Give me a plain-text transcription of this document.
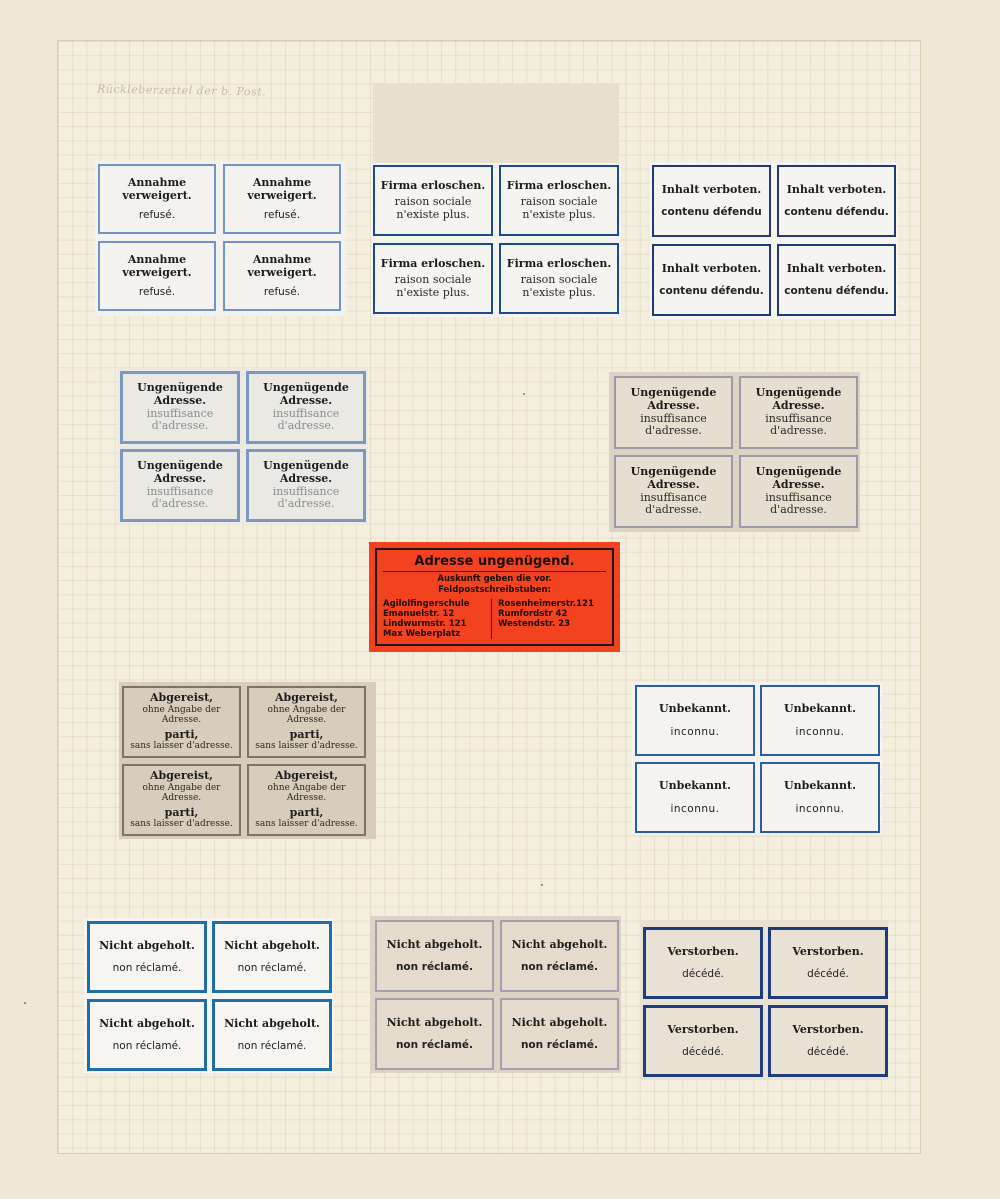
Rückleberzettel der b. Post.
Annahme
verweigert.
refusé.
Annahme
verweigert.
refusé.
Annahme
verweigert.
refusé.
Annahme
verweigert.
refusé.
Firma erloschen.
raison sociale
n'existe plus.
Firma erloschen.
raison sociale
n'existe plus.
Firma erloschen.
raison sociale
n'existe plus.
Firma erloschen.
raison sociale
n'existe plus.
Inhalt verboten.
contenu défendu
Inhalt verboten.
contenu défendu.
Inhalt verboten.
contenu défendu.
Inhalt verboten.
contenu défendu.
Ungenügende
Adresse.
insuffisance
d'adresse.
Ungenügende
Adresse.
insuffisance
d'adresse.
Ungenügende
Adresse.
insuffisance
d'adresse.
Ungenügende
Adresse.
insuffisance
d'adresse.
Ungenügende
Adresse.
insuffisance
d'adresse.
Ungenügende
Adresse.
insuffisance
d'adresse.
Ungenügende
Adresse.
insuffisance
d'adresse.
Ungenügende
Adresse.
insuffisance
d'adresse.
Adresse ungenügend.
Auskunft geben die vor. Feldpostschreibstuben:
Agilolfingerschule
Emanuelstr. 12
Lindwurmstr. 121
Max Weberplatz
Rosenheimerstr.121
Rumfordstr 42
Westendstr. 23
Abgereist,
ohne Angabe der Adresse.
parti,
sans laisser d'adresse.
Abgereist,
ohne Angabe der Adresse.
parti,
sans laisser d'adresse.
Abgereist,
ohne Angabe der Adresse.
parti,
sans laisser d'adresse.
Abgereist,
ohne Angabe der Adresse.
parti,
sans laisser d'adresse.
Unbekannt.
inconnu.
Unbekannt.
inconnu.
Unbekannt.
inconnu.
Unbekannt.
inconnu.
Nicht abgeholt.
non réclamé.
Nicht abgeholt.
non réclamé.
Nicht abgeholt.
non réclamé.
Nicht abgeholt.
non réclamé.
Nicht abgeholt.
non réclamé.
Nicht abgeholt.
non réclamé.
Nicht abgeholt.
non réclamé.
Nicht abgeholt.
non réclamé.
Verstorben.
décédé.
Verstorben.
décédé.
Verstorben.
décédé.
Verstorben.
décédé.
